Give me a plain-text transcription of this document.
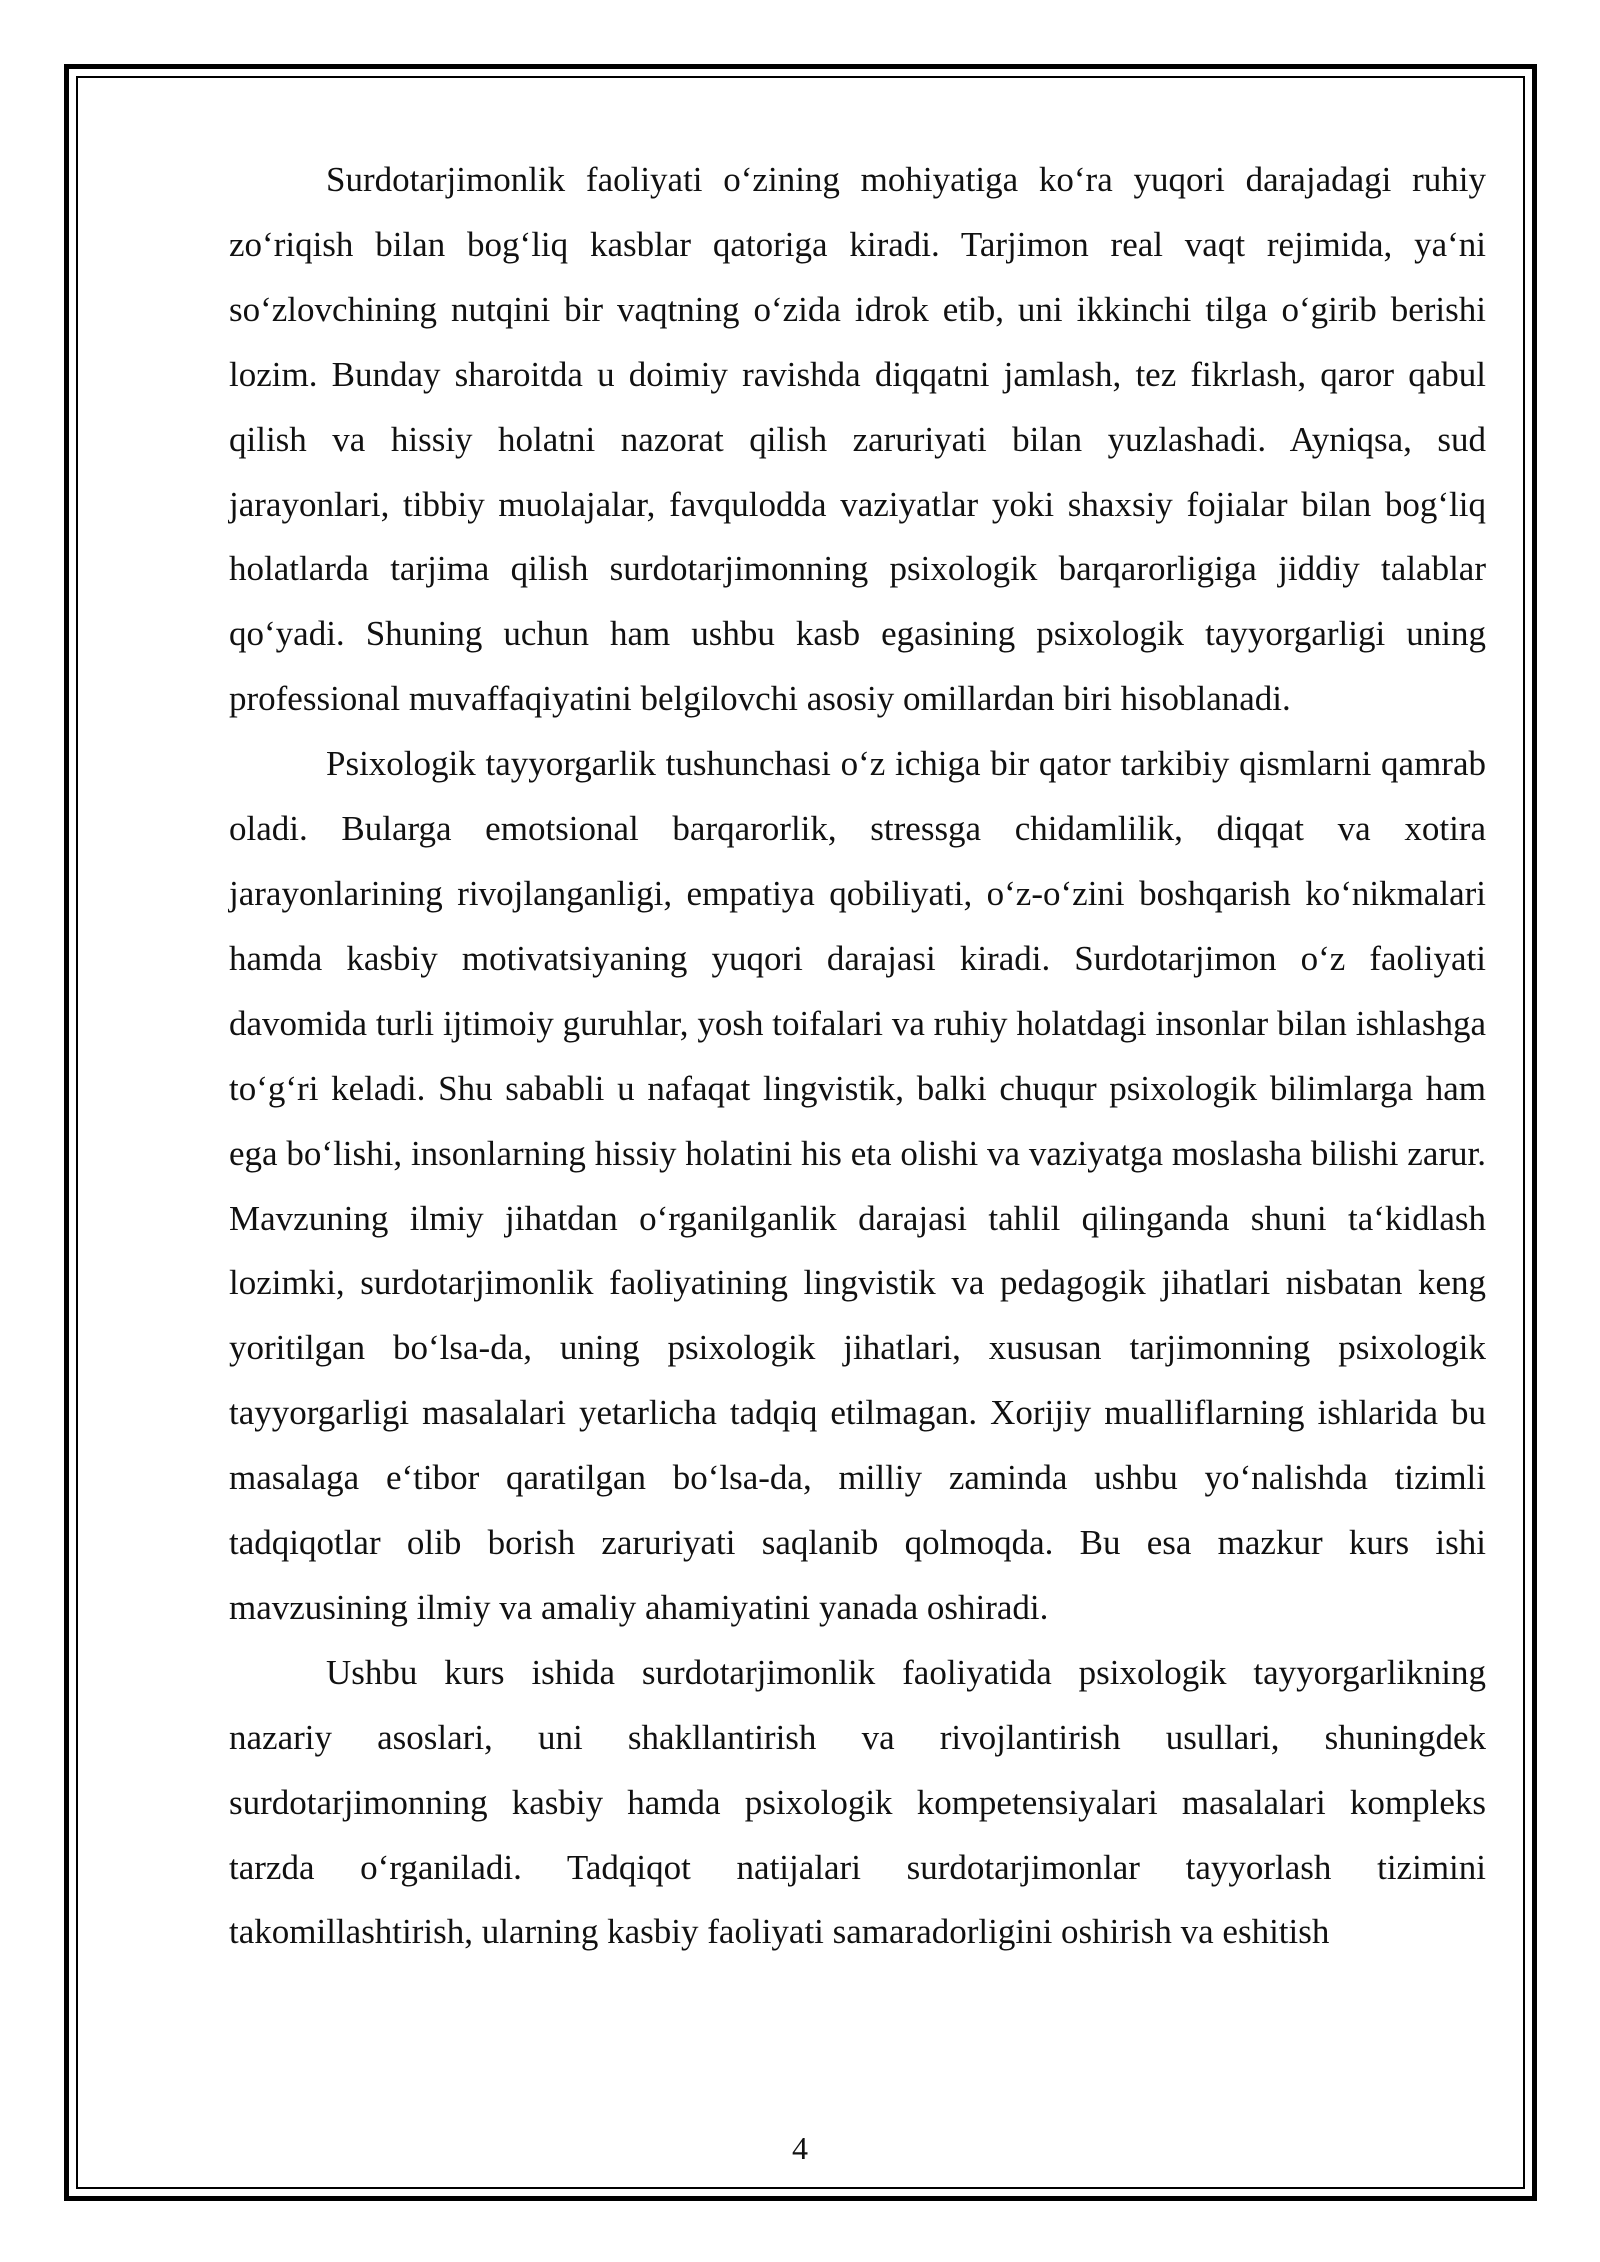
Surdotarjimonlik faoliyati o‘zining mohiyatiga ko‘ra yuqori darajadagi ruhiy zo‘riqish bilan bog‘liq kasblar qatoriga kiradi. Tarjimon real vaqt rejimida, ya‘ni so‘zlovchining nutqini bir vaqtning o‘zida idrok etib, uni ikkinchi tilga o‘girib berishi lozim. Bunday sharoitda u doimiy ravishda diqqatni jamlash, tez fikrlash, qaror qabul qilish va hissiy holatni nazorat qilish zaruriyati bilan yuzlashadi. Ayniqsa, sud jarayonlari, tibbiy muolajalar, favqulodda vaziyatlar yoki shaxsiy fojialar bilan bog‘liq holatlarda tarjima qilish surdotarjimonning psixologik barqarorligiga jiddiy talablar qo‘yadi. Shuning uchun ham ushbu kasb egasining psixologik tayyorgarligi uning professional muvaffaqiyatini belgilovchi asosiy omillardan biri hisoblanadi.

Psixologik tayyorgarlik tushunchasi o‘z ichiga bir qator tarkibiy qismlarni qamrab oladi. Bularga emotsional barqarorlik, stressga chidamlilik, diqqat va xotira jarayonlarining rivojlanganligi, empatiya qobiliyati, o‘z-o‘zini boshqarish ko‘nikmalari hamda kasbiy motivatsiyaning yuqori darajasi kiradi. Surdotarjimon o‘z faoliyati davomida turli ijtimoiy guruhlar, yosh toifalari va ruhiy holatdagi insonlar bilan ishlashga to‘g‘ri keladi. Shu sababli u nafaqat lingvistik, balki chuqur psixologik bilimlarga ham ega bo‘lishi, insonlarning hissiy holatini his eta olishi va vaziyatga moslasha bilishi zarur. Mavzuning ilmiy jihatdan o‘rganilganlik darajasi tahlil qilinganda shuni ta‘kidlash lozimki, surdotarjimonlik faoliyatining lingvistik va pedagogik jihatlari nisbatan keng yoritilgan bo‘lsa-da, uning psixologik jihatlari, xususan tarjimonning psixologik tayyorgarligi masalalari yetarlicha tadqiq etilmagan. Xorijiy mualliflarning ishlarida bu masalaga e‘tibor qaratilgan bo‘lsa-da, milliy zaminda ushbu yo‘nalishda tizimli tadqiqotlar olib borish zaruriyati saqlanib qolmoqda. Bu esa mazkur kurs ishi mavzusining ilmiy va amaliy ahamiyatini yanada oshiradi.

Ushbu kurs ishida surdotarjimonlik faoliyatida psixologik tayyorgarlikning nazariy asoslari, uni shakllantirish va rivojlantirish usullari, shuningdek surdotarjimonning kasbiy hamda psixologik kompetensiyalari masalalari kompleks tarzda o‘rganiladi. Tadqiqot natijalari surdotarjimonlar tayyorlash tizimini takomillashtirish, ularning kasbiy faoliyati samaradorligini oshirish va eshitish

4
